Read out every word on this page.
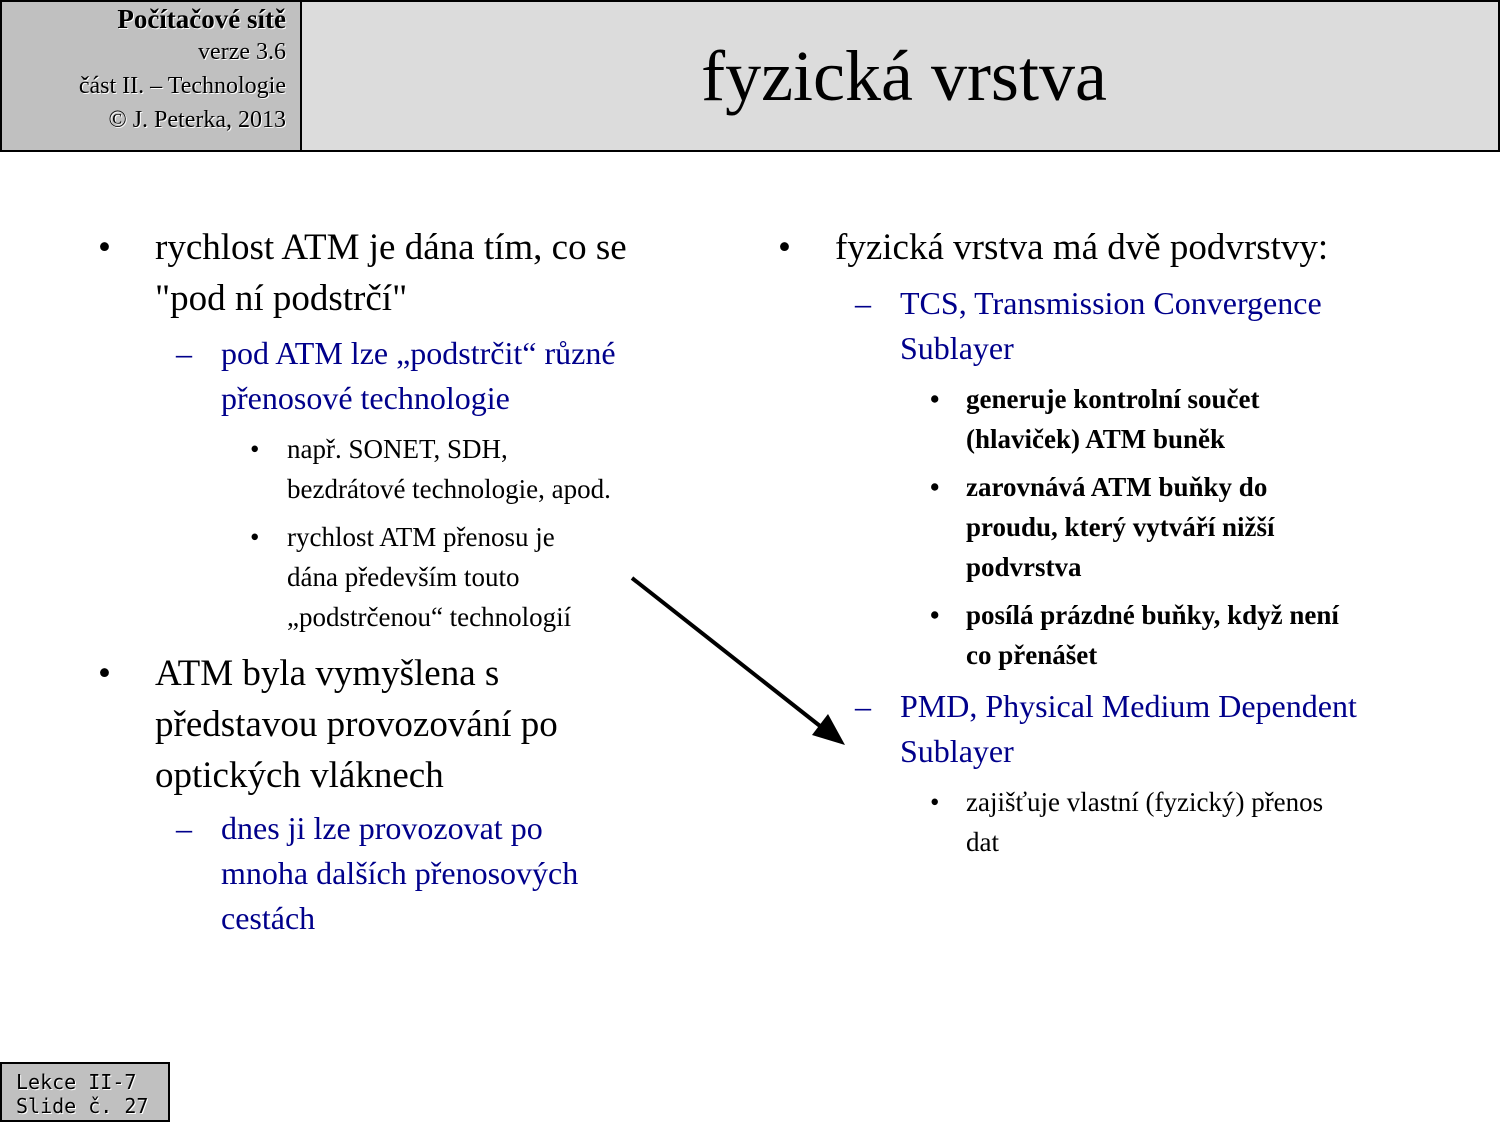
Počítačové sítě
verze 3.6
část II. – Technologie
© J. Peterka, 2013
fyzická vrstva
• rychlost ATM je dána tím, co se
"pod ní podstrčí"
– pod ATM lze „podstrčit“ různé
přenosové technologie
• např. SONET, SDH,
bezdrátové technologie, apod.
• rychlost ATM přenosu je
dána především touto
„podstrčenou“ technologií
• ATM byla vymyšlena s
představou provozování po
optických vláknech
– dnes ji lze provozovat po
mnoha dalších přenosových
cestách
• fyzická vrstva má dvě podvrstvy:
– TCS, Transmission Convergence
Sublayer
• generuje kontrolní součet
(hlaviček) ATM buněk
• zarovnává ATM buňky do
proudu, který vytváří nižší
podvrstva
• posílá prázdné buňky, když není
co přenášet
– PMD, Physical Medium Dependent
Sublayer
• zajišťuje vlastní (fyzický) přenos
dat
Lekce II-7
Slide č. 27
